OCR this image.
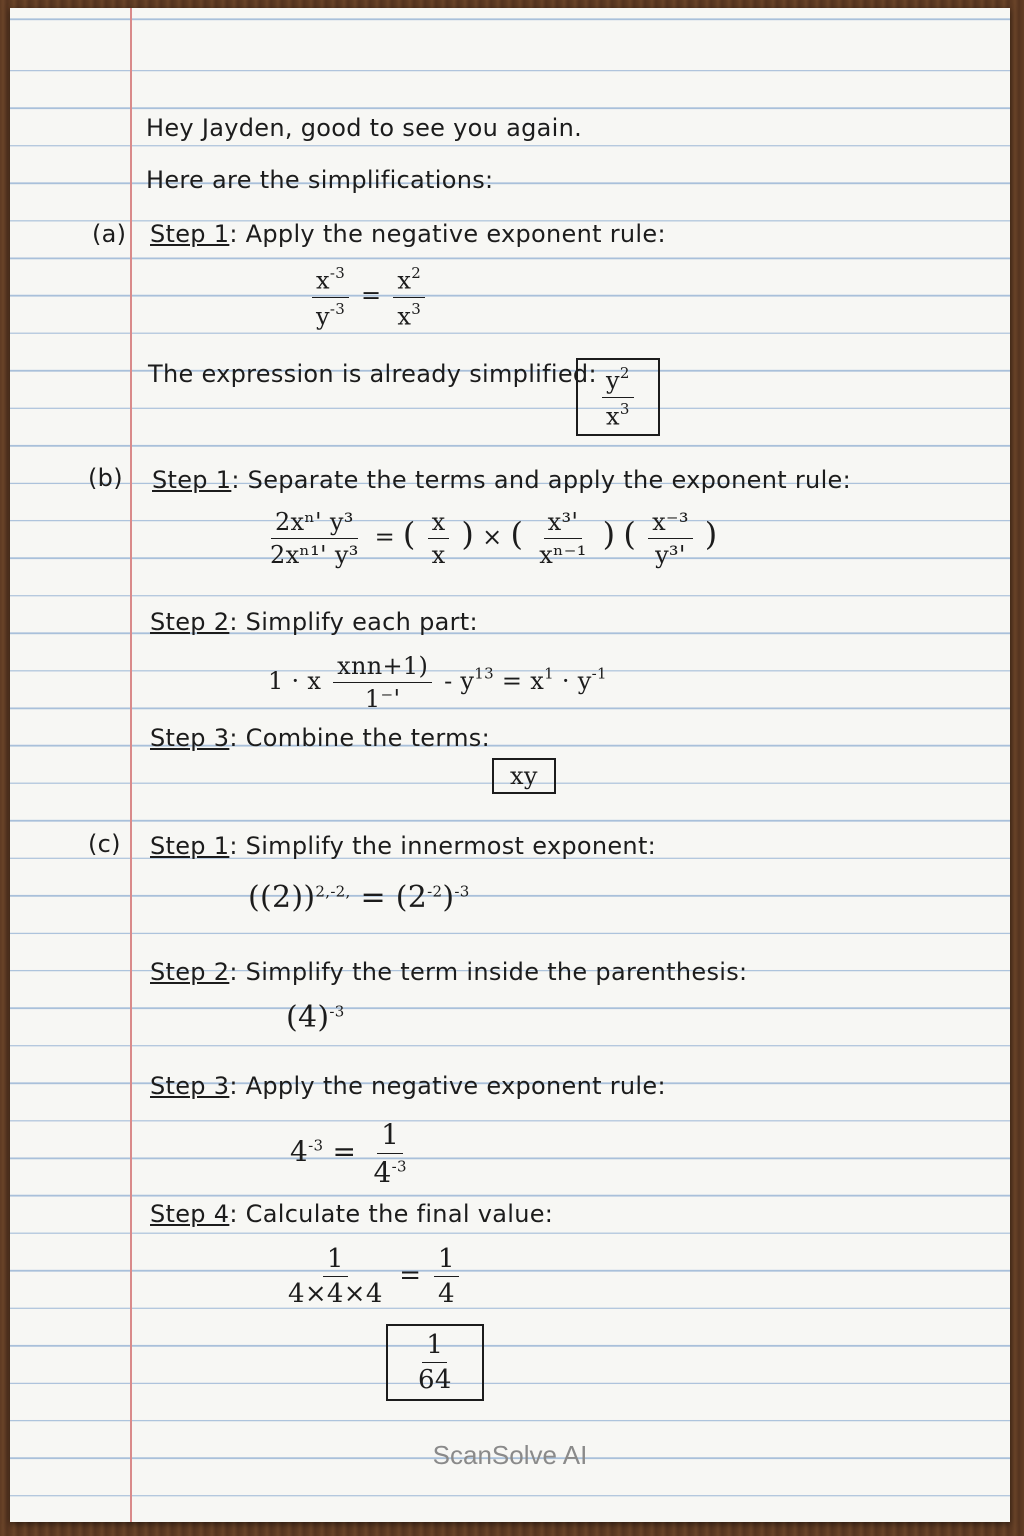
Hey Jayden, good to see you again.
Here are the simplifications:
(a) Step 1: Apply the negative exponent rule:
$\frac{x^{-3}}{y^{-3}} = \frac{x^2}{x^3}$
The expression is already simplified: $\frac{y^2}{x^3}$
(b) Step 1: Separate the terms and apply the exponent rule:
$\frac{\text{2xⁿ' y³}}{\text{2xⁿ¹' y³}}$ = ( $\frac{x}{x}$ ) × ( $\frac{\text{x³'}}{\text{xⁿ⁻¹}}$ ) ( $\frac{\text{x⁻³}}{\text{y³'}}$ )
Step 2: Simplify each part:
1 · x $\frac{\text{xnn+1)}}{1^-'} - y^{13} = x^1 \cdot y^{-1}$
Step 3: Combine the terms:
xy
(c) Step 1: Simplify the innermost exponent:
$((2))^{2,-2,} = (2^{-2})^{-3}$
Step 2: Simplify the term inside the parenthesis:
$(4)^{-3}$
Step 3: Apply the negative exponent rule:
$4^{-3} = \frac{1}{4^{-3}}$
Step 4: Calculate the final value:
$\frac{1}{4\times 4\times 4} = \frac{1}{4}$
$\frac{1}{64}$
ScanSolve AI
